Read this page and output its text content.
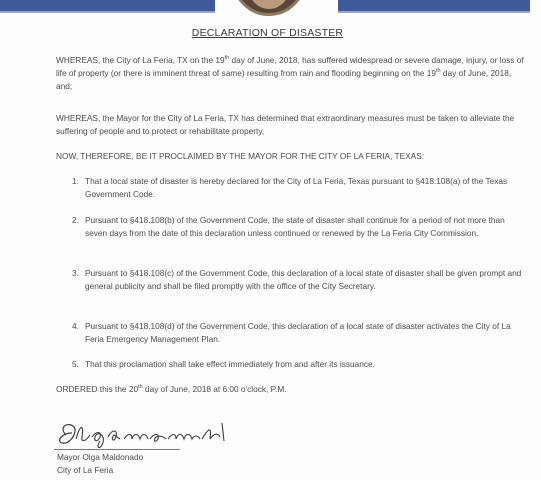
DECLARATION OF DISASTER

WHEREAS, the City of La Feria, TX on the 19th day of June, 2018, has suffered widespread or severe damage, injury, or loss of life of property (or there is imminent threat of same) resulting from rain and flooding beginning on the 19th day of June, 2018, and;

WHEREAS, the Mayor for the City of La Feria, TX has determined that extraordinary measures must be taken to alleviate the suffering of people and to protect or rehabilitate property,

NOW, THEREFORE, BE IT PROCLAIMED BY THE MAYOR FOR THE CITY OF LA FERIA, TEXAS:

1. That a local state of disaster is hereby declared for the City of La Feria, Texas pursuant to §418.108(a) of the Texas Government Code.
2. Pursuant to §418.108(b) of the Government Code, the state of disaster shall continue for a period of not more than seven days from the date of this declaration unless continued or renewed by the La Feria City Commission.
3. Pursuant to §418.108(c) of the Government Code, this declaration of a local state of disaster shall be given prompt and general publicity and shall be filed promptly with the office of the City Secretary.
4. Pursuant to §418.108(d) of the Government Code, this declaration of a local state of disaster activates the City of La Feria Emergency Management Plan.
5. That this proclamation shall take effect immediately from and after its issuance.

ORDERED this the 20th day of June, 2018 at 6:00 o'clock, P.M.

Mayor Olga Maldonado
City of La Feria
